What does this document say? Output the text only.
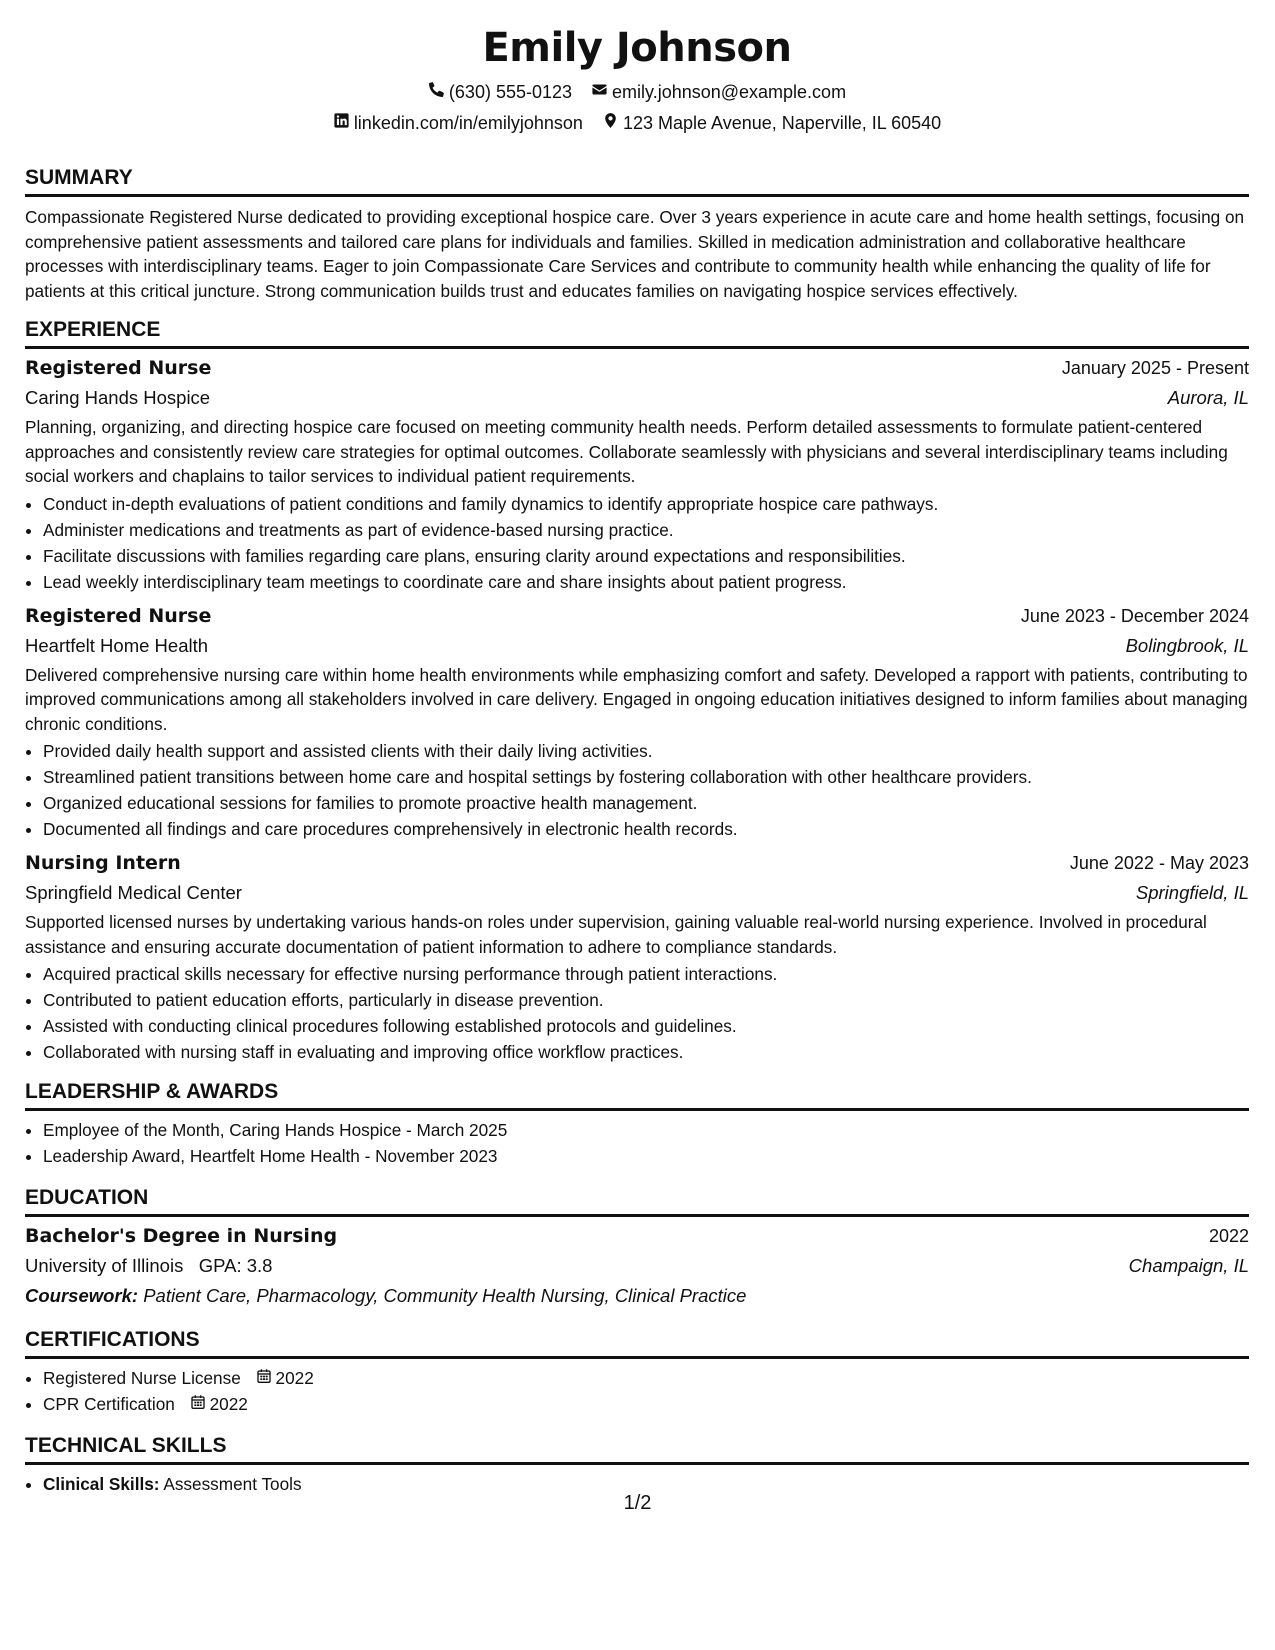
Emily Johnson
(630) 555-0123
emily.johnson@example.com
linkedin.com/in/emilyjohnson
123 Maple Avenue, Naperville, IL 60540
SUMMARY
Compassionate Registered Nurse dedicated to providing exceptional hospice care. Over 3 years experience in acute care and home health settings, focusing on comprehensive patient assessments and tailored care plans for individuals and families. Skilled in medication administration and collaborative healthcare processes with interdisciplinary teams. Eager to join Compassionate Care Services and contribute to community health while enhancing the quality of life for patients at this critical juncture. Strong communication builds trust and educates families on navigating hospice services effectively.
EXPERIENCE
Registered Nurse	January 2025 - Present
Caring Hands Hospice	Aurora, IL
Planning, organizing, and directing hospice care focused on meeting community health needs. Perform detailed assessments to formulate patient-centered approaches and consistently review care strategies for optimal outcomes. Collaborate seamlessly with physicians and several interdisciplinary teams including social workers and chaplains to tailor services to individual patient requirements.
• Conduct in-depth evaluations of patient conditions and family dynamics to identify appropriate hospice care pathways.
• Administer medications and treatments as part of evidence-based nursing practice.
• Facilitate discussions with families regarding care plans, ensuring clarity around expectations and responsibilities.
• Lead weekly interdisciplinary team meetings to coordinate care and share insights about patient progress.
Registered Nurse	June 2023 - December 2024
Heartfelt Home Health	Bolingbrook, IL
Delivered comprehensive nursing care within home health environments while emphasizing comfort and safety. Developed a rapport with patients, contributing to improved communications among all stakeholders involved in care delivery. Engaged in ongoing education initiatives designed to inform families about managing chronic conditions.
• Provided daily health support and assisted clients with their daily living activities.
• Streamlined patient transitions between home care and hospital settings by fostering collaboration with other healthcare providers.
• Organized educational sessions for families to promote proactive health management.
• Documented all findings and care procedures comprehensively in electronic health records.
Nursing Intern	June 2022 - May 2023
Springfield Medical Center	Springfield, IL
Supported licensed nurses by undertaking various hands-on roles under supervision, gaining valuable real-world nursing experience. Involved in procedural assistance and ensuring accurate documentation of patient information to adhere to compliance standards.
• Acquired practical skills necessary for effective nursing performance through patient interactions.
• Contributed to patient education efforts, particularly in disease prevention.
• Assisted with conducting clinical procedures following established protocols and guidelines.
• Collaborated with nursing staff in evaluating and improving office workflow practices.
LEADERSHIP & AWARDS
• Employee of the Month, Caring Hands Hospice - March 2025
• Leadership Award, Heartfelt Home Health - November 2023
EDUCATION
Bachelor's Degree in Nursing	2022
University of Illinois GPA: 3.8	Champaign, IL
Coursework: Patient Care, Pharmacology, Community Health Nursing, Clinical Practice
CERTIFICATIONS
• Registered Nurse License 2022
• CPR Certification 2022
TECHNICAL SKILLS
• Clinical Skills: Assessment Tools
1/2
